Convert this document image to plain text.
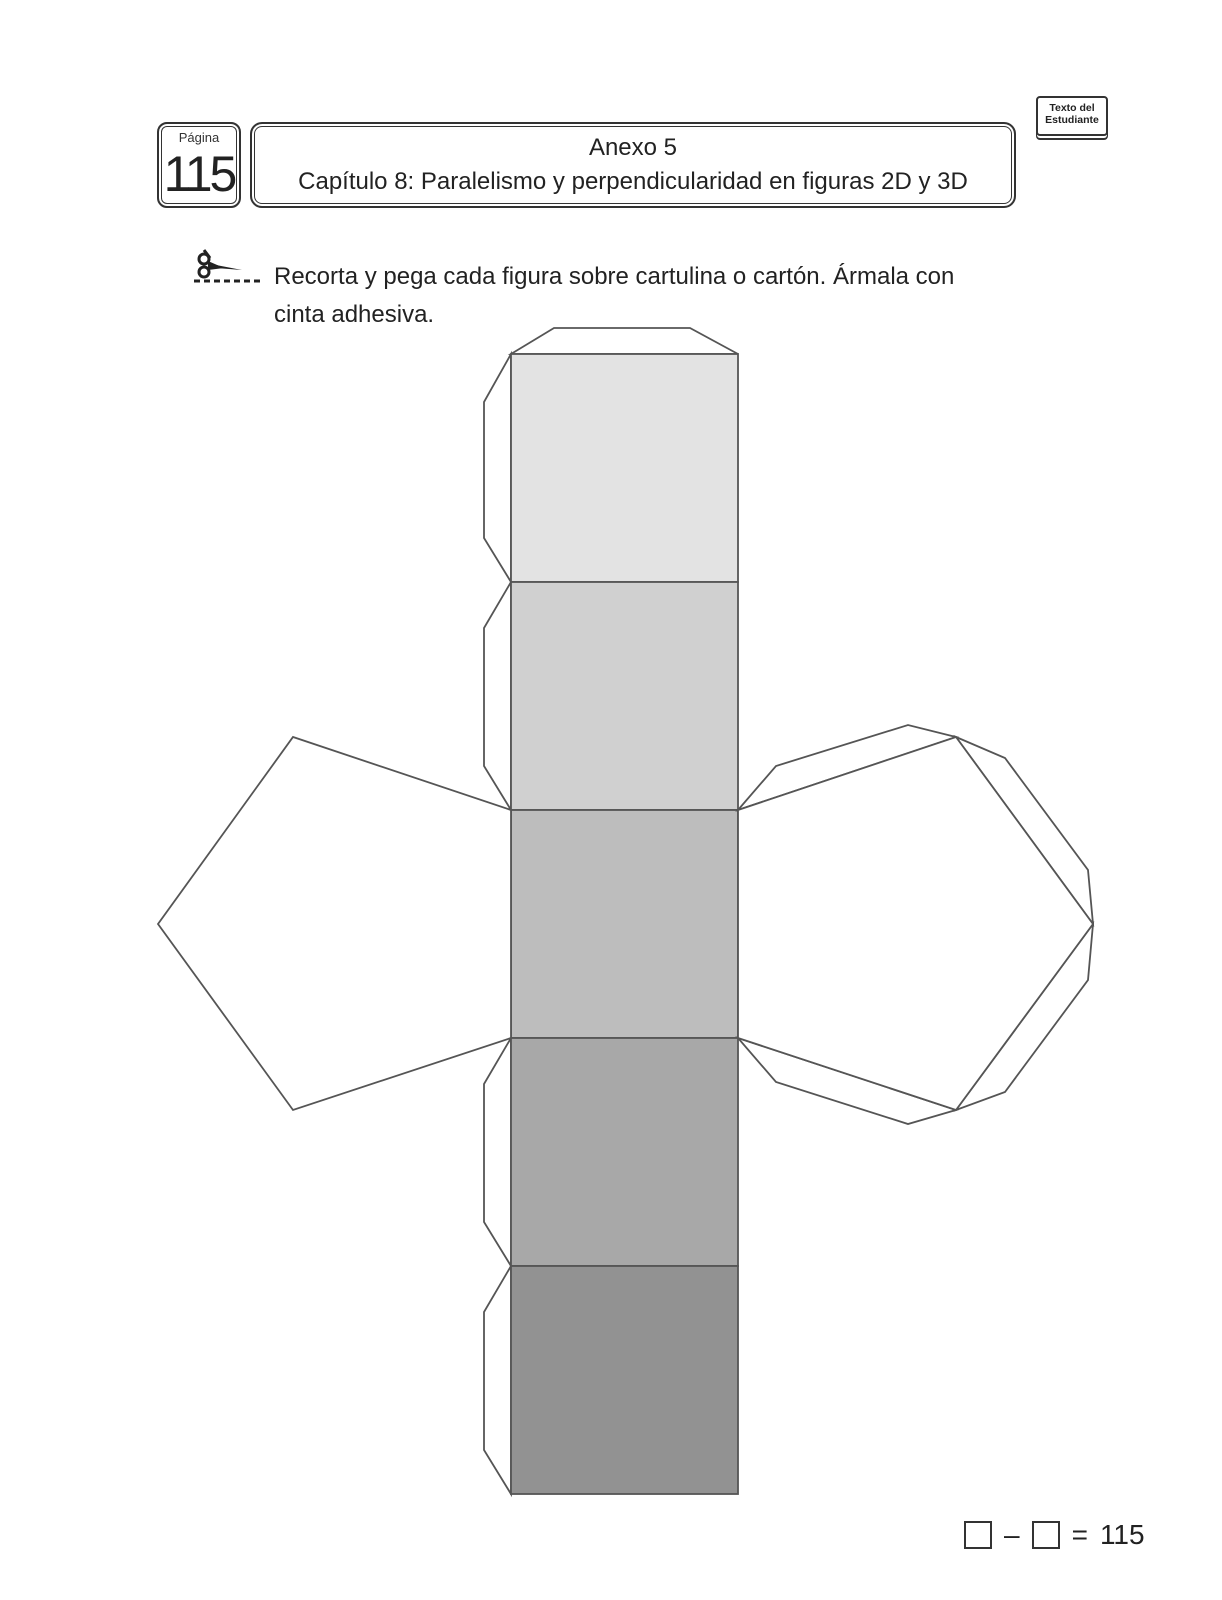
Página
115	Anexo 5
Capítulo 8: Paralelismo y perpendicularidad en figuras 2D y 3D
Texto del
Estudiante
Pág. 130
a
Pág.153
Recorta y pega cada figura sobre cartulina o cartón. Ármala con
cinta adhesiva.
– = 115
